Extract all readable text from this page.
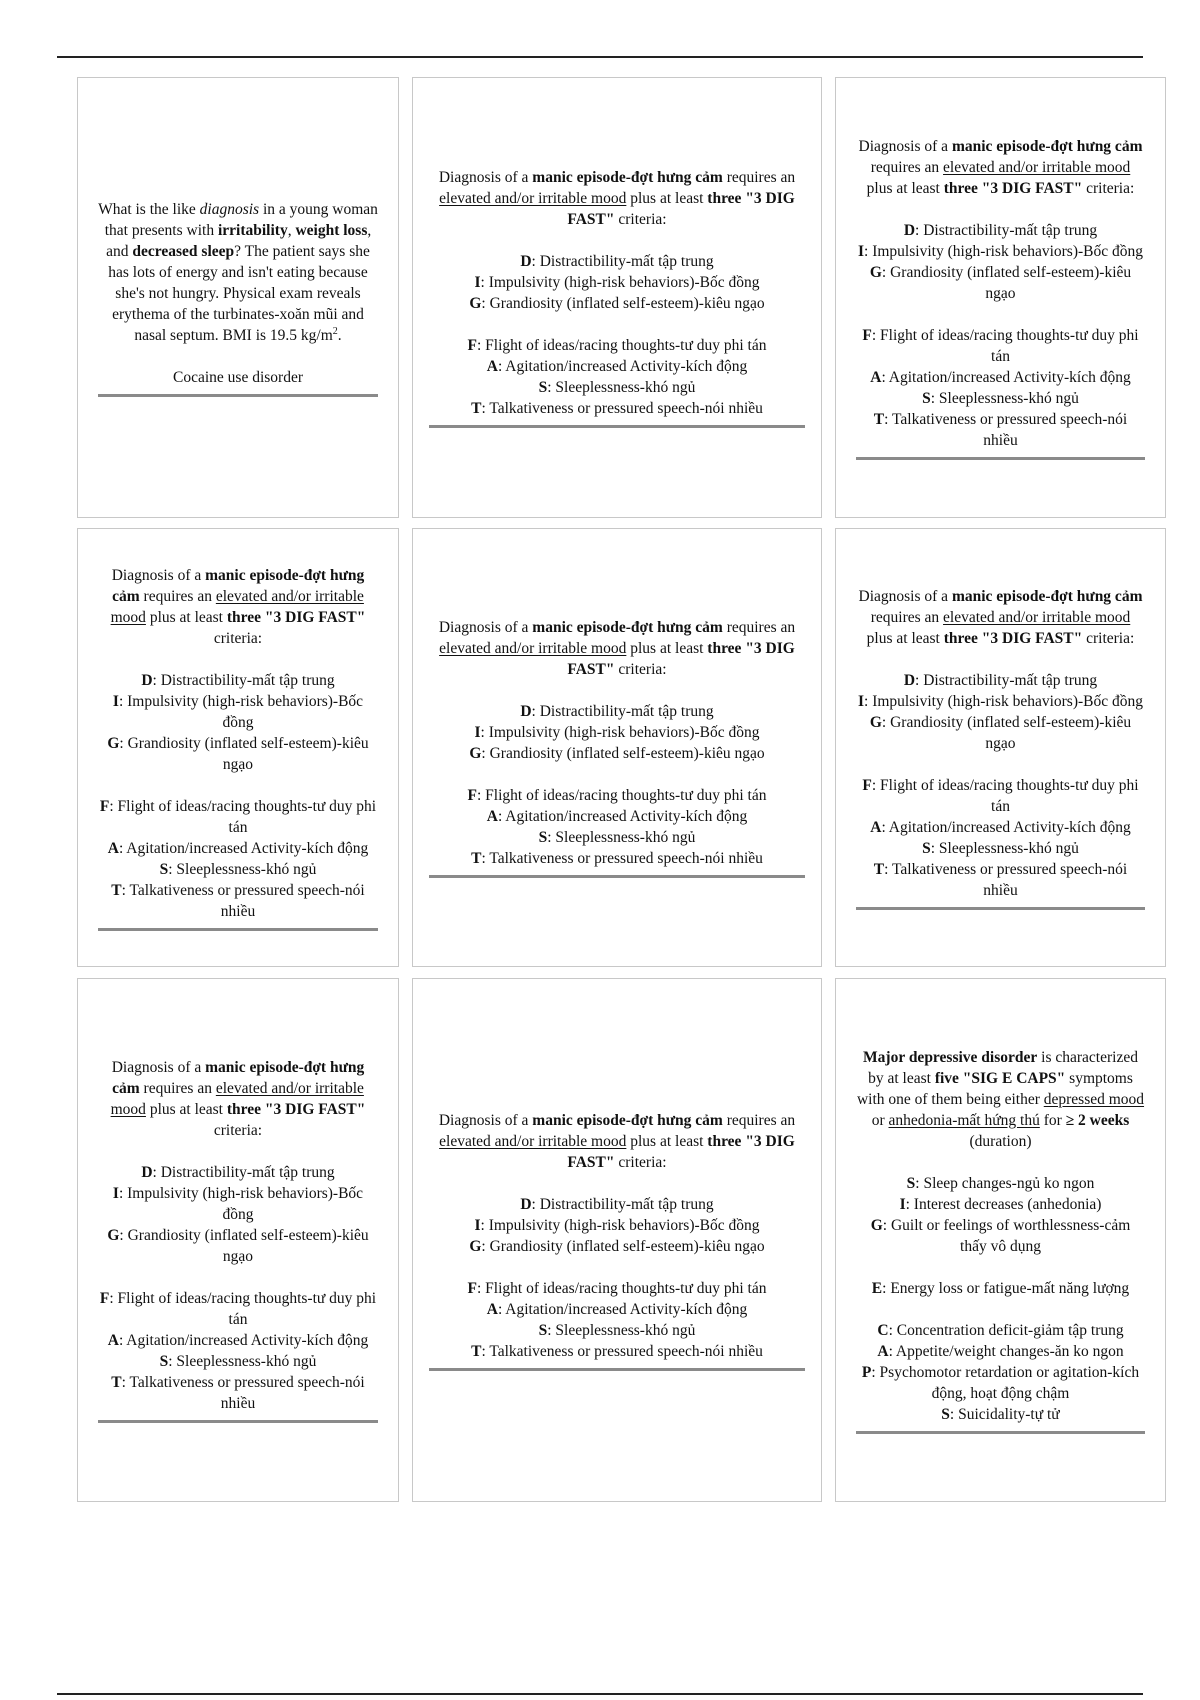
What is the like diagnosis in a young woman that presents with irritability, weight loss, and decreased sleep? The patient says she has lots of energy and isn't eating because she's not hungry. Physical exam reveals erythema of the turbinates-xoăn mũi and nasal septum. BMI is 19.5 $kg/m^2$.

Cocaine use disorder

Diagnosis of a manic episode-đợt hưng cảm requires an elevated and/or irritable mood plus at least three "3 DIG FAST" criteria:

D: Distractibility-mất tập trung

I: Impulsivity (high-risk behaviors)-Bốc đồng

G: Grandiosity (inflated self-esteem)-kiêu ngạo

F: Flight of ideas/racing thoughts-tư duy phi tán

A: Agitation/increased Activity-kích động

S: Sleeplessness-khó ngủ

T: Talkativeness or pressured speech-nói nhiều

Diagnosis of a manic episode-đợt hưng cảm requires an elevated and/or irritable mood plus at least three "3 DIG FAST" criteria:

D: Distractibility-mất tập trung

I: Impulsivity (high-risk behaviors)-Bốc đồng

G: Grandiosity (inflated self-esteem)-kiêu ngạo

F: Flight of ideas/racing thoughts-tư duy phi tán

A: Agitation/increased Activity-kích động

S: Sleeplessness-khó ngủ

T: Talkativeness or pressured speech-nói nhiều

Diagnosis of a manic episode-đợt hưng cảm requires an elevated and/or irritable mood plus at least three "3 DIG FAST" criteria:

D: Distractibility-mất tập trung

I: Impulsivity (high-risk behaviors)-Bốc đồng

G: Grandiosity (inflated self-esteem)-kiêu ngạo

F: Flight of ideas/racing thoughts-tư duy phi tán

A: Agitation/increased Activity-kích động

S: Sleeplessness-khó ngủ

T: Talkativeness or pressured speech-nói nhiều

Diagnosis of a manic episode-đợt hưng cảm requires an elevated and/or irritable mood plus at least three "3 DIG FAST" criteria:

D: Distractibility-mất tập trung

I: Impulsivity (high-risk behaviors)-Bốc đồng

G: Grandiosity (inflated self-esteem)-kiêu ngạo

F: Flight of ideas/racing thoughts-tư duy phi tán

A: Agitation/increased Activity-kích động

S: Sleeplessness-khó ngủ

T: Talkativeness or pressured speech-nói nhiều

Diagnosis of a manic episode-đợt hưng cảm requires an elevated and/or irritable mood plus at least three "3 DIG FAST" criteria:

D: Distractibility-mất tập trung

I: Impulsivity (high-risk behaviors)-Bốc đồng

G: Grandiosity (inflated self-esteem)-kiêu ngạo

F: Flight of ideas/racing thoughts-tư duy phi tán

A: Agitation/increased Activity-kích động

S: Sleeplessness-khó ngủ

T: Talkativeness or pressured speech-nói nhiều

Diagnosis of a manic episode-đợt hưng cảm requires an elevated and/or irritable mood plus at least three "3 DIG FAST" criteria:

D: Distractibility-mất tập trung

I: Impulsivity (high-risk behaviors)-Bốc đồng

G: Grandiosity (inflated self-esteem)-kiêu ngạo

F: Flight of ideas/racing thoughts-tư duy phi tán

A: Agitation/increased Activity-kích động

S: Sleeplessness-khó ngủ

T: Talkativeness or pressured speech-nói nhiều

Diagnosis of a manic episode-đợt hưng cảm requires an elevated and/or irritable mood plus at least three "3 DIG FAST" criteria:

D: Distractibility-mất tập trung

I: Impulsivity (high-risk behaviors)-Bốc đồng

G: Grandiosity (inflated self-esteem)-kiêu ngạo

F: Flight of ideas/racing thoughts-tư duy phi tán

A: Agitation/increased Activity-kích động

S: Sleeplessness-khó ngủ

T: Talkativeness or pressured speech-nói nhiều

Major depressive disorder is characterized by at least five "SIG E CAPS" symptoms with one of them being either depressed mood or anhedonia-mất hứng thú for ≥ 2 weeks (duration)

S: Sleep changes-ngủ ko ngon

I: Interest decreases (anhedonia)

G: Guilt or feelings of worthlessness-cảm thấy vô dụng

E: Energy loss or fatigue-mất năng lượng

C: Concentration deficit-giảm tập trung

A: Appetite/weight changes-ăn ko ngon

P: Psychomotor retardation or agitation-kích động, hoạt động chậm

S: Suicidality-tự tử
